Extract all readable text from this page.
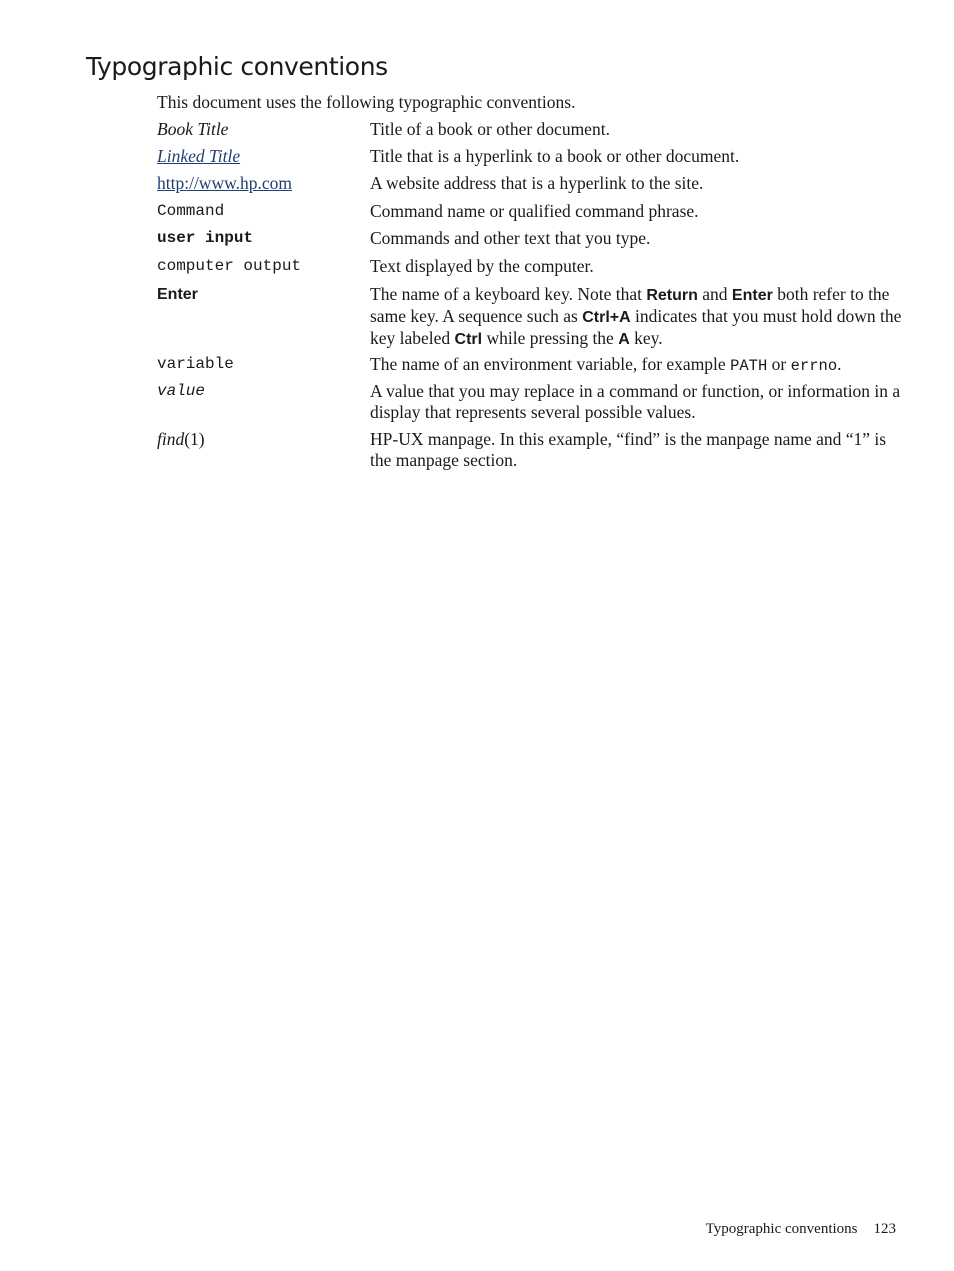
Typographic conventions

This document uses the following typographic conventions.

Book Title	Title of a book or other document.
Linked Title	Title that is a hyperlink to a book or other document.
http://www.hp.com	A website address that is a hyperlink to the site.
Command	Command name or qualified command phrase.
user input	Commands and other text that you type.
computer output	Text displayed by the computer.
Enter	The name of a keyboard key. Note that Return and Enter both refer to the same key. A sequence such as Ctrl+A indicates that you must hold down the key labeled Ctrl while pressing the A key.
variable	The name of an environment variable, for example PATH or errno.
value	A value that you may replace in a command or function, or information in a display that represents several possible values.
find(1)	HP-UX manpage. In this example, “find” is the manpage name and “1” is the manpage section.
Typographic conventions 123
